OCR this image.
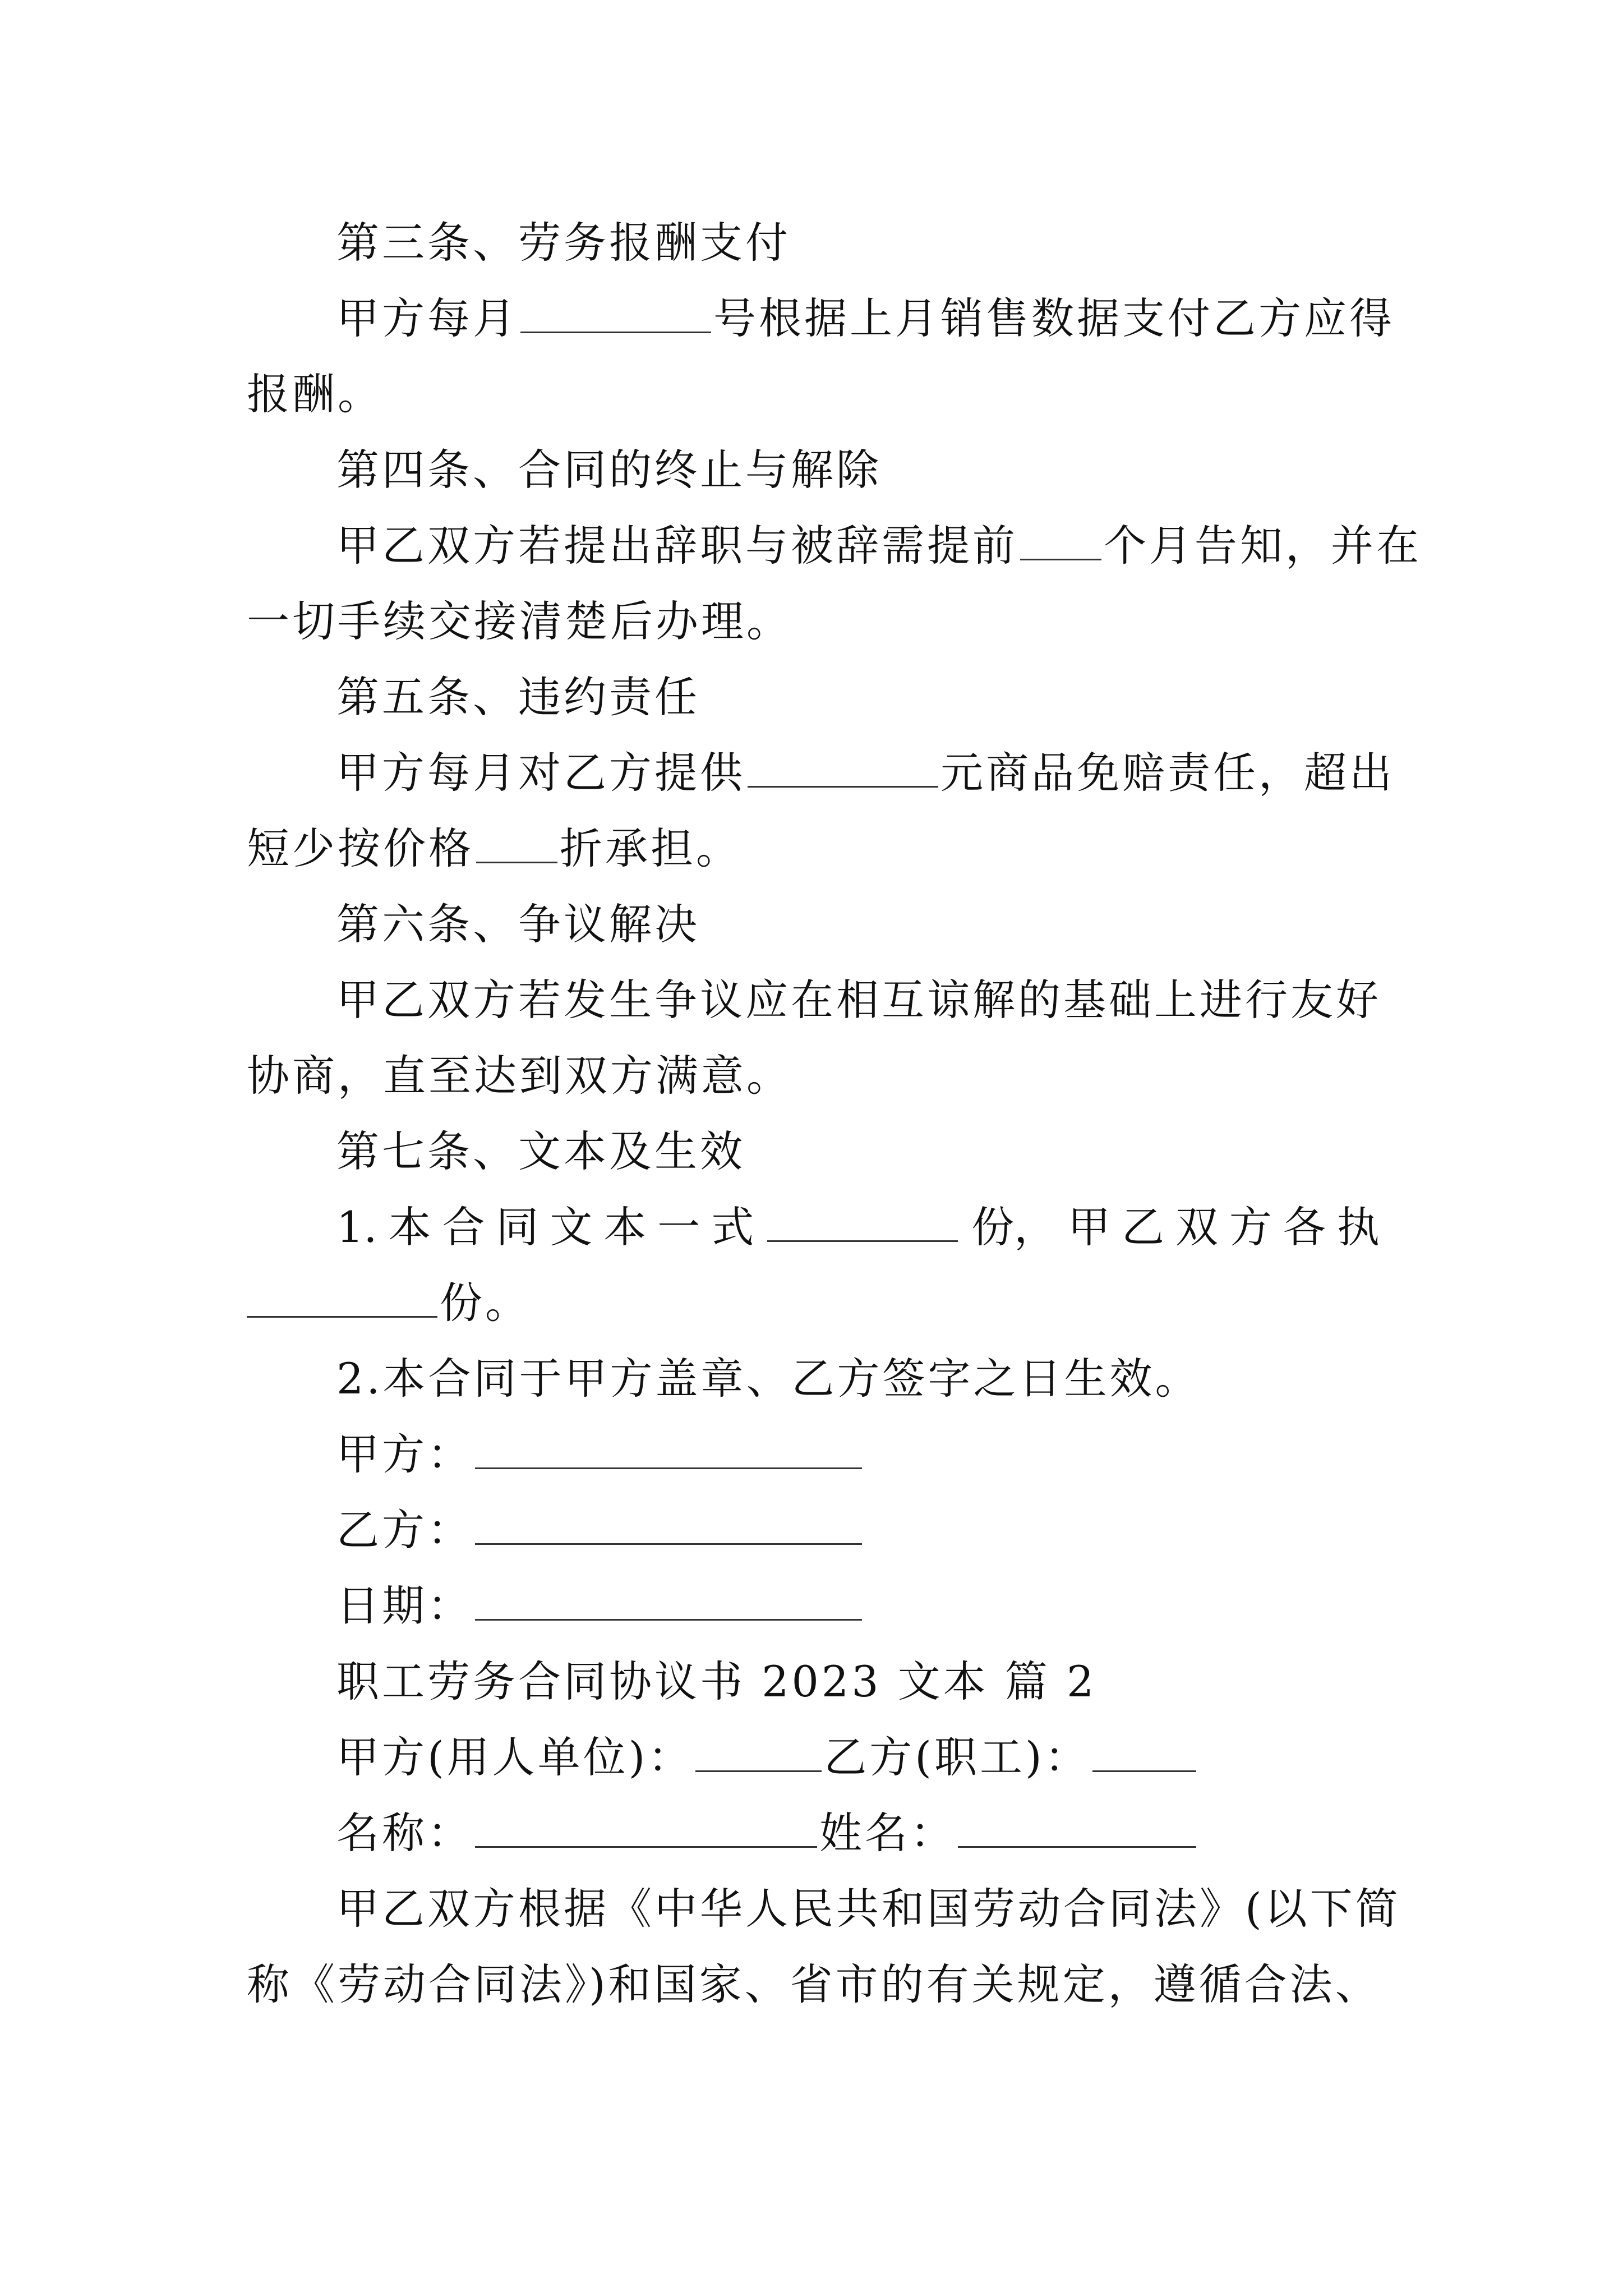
第三条、劳务报酬支付
甲方每月	号根据上月销售数据支付乙方应得
报酬。
第四条、合同的终止与解除
甲乙双方若提出辞职与被辞需提前 个月告知，并在
一切手续交接清楚后办理。
第五条、违约责任
甲方每月对乙方提供	元商品免赔责任，超出
短少按价格 折承担。
第六条、争议解决
甲乙双方若发生争议应在相互谅解的基础上进行友好
协商，直至达到双方满意。
第七条、文本及生效
1. 本 合 同 文 本 一 式	份， 甲 乙 双 方 各 执
份。
2.本合同于甲方盖章、乙方签字之日生效。
甲方：
乙方：
日期：
职工劳务合同协议书 2023 文本 篇 2
甲方(用人单位)：	乙方(职工)：
名称：	姓名：
甲乙双方根据《中华人民共和国劳动合同法》(以下简
称《劳动合同法》)和国家、省市的有关规定，遵循合法、
